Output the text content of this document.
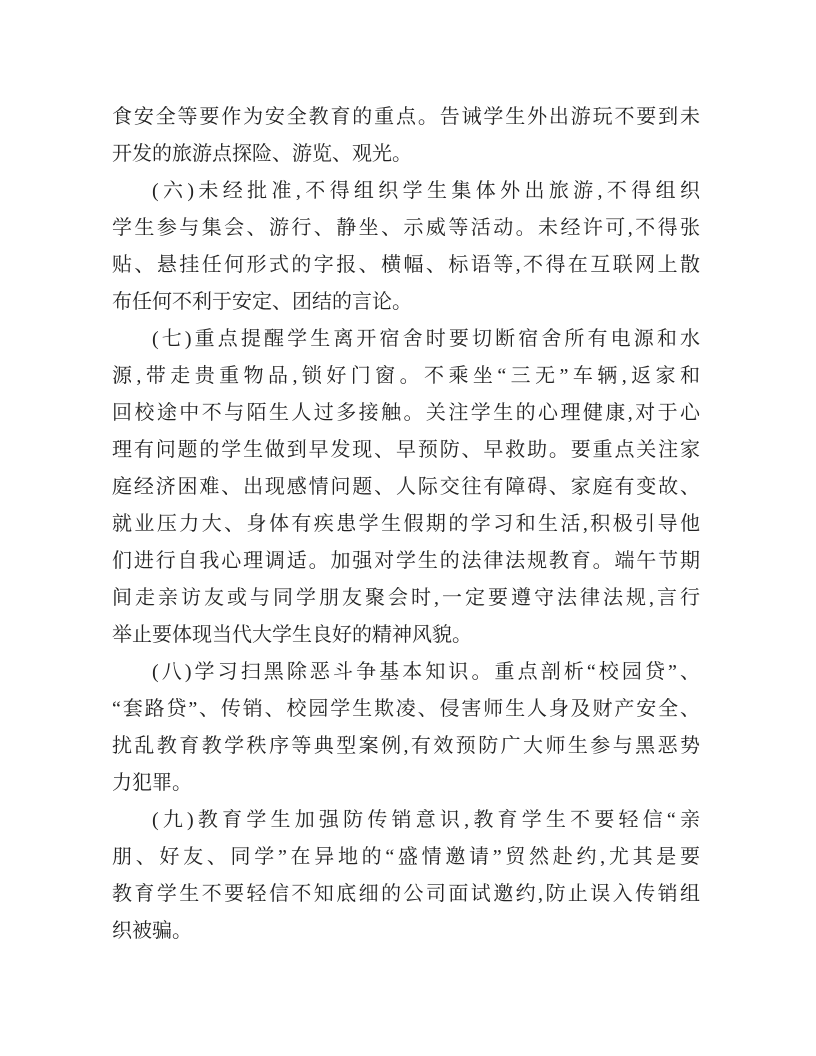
食安全等要作为安全教育的重点。告诫学生外出游玩不要到未
开发的旅游点探险、游览、观光。
(六)未经批准,不得组织学生集体外出旅游,不得组织
学生参与集会、游行、静坐、示威等活动。未经许可,不得张
贴、悬挂任何形式的字报、横幅、标语等,不得在互联网上散
布任何不利于安定、团结的言论。
(七)重点提醒学生离开宿舍时要切断宿舍所有电源和水
源,带走贵重物品,锁好门窗。不乘坐“三无”车辆,返家和
回校途中不与陌生人过多接触。关注学生的心理健康,对于心
理有问题的学生做到早发现、早预防、早救助。要重点关注家
庭经济困难、出现感情问题、人际交往有障碍、家庭有变故、
就业压力大、身体有疾患学生假期的学习和生活,积极引导他
们进行自我心理调适。加强对学生的法律法规教育。端午节期
间走亲访友或与同学朋友聚会时,一定要遵守法律法规,言行
举止要体现当代大学生良好的精神风貌。
(八)学习扫黑除恶斗争基本知识。重点剖析“校园贷”、
“套路贷”、传销、校园学生欺凌、侵害师生人身及财产安全、
扰乱教育教学秩序等典型案例,有效预防广大师生参与黑恶势
力犯罪。
(九)教育学生加强防传销意识,教育学生不要轻信“亲
朋、好友、同学”在异地的“盛情邀请”贸然赴约,尤其是要
教育学生不要轻信不知底细的公司面试邀约,防止误入传销组
织被骗。
